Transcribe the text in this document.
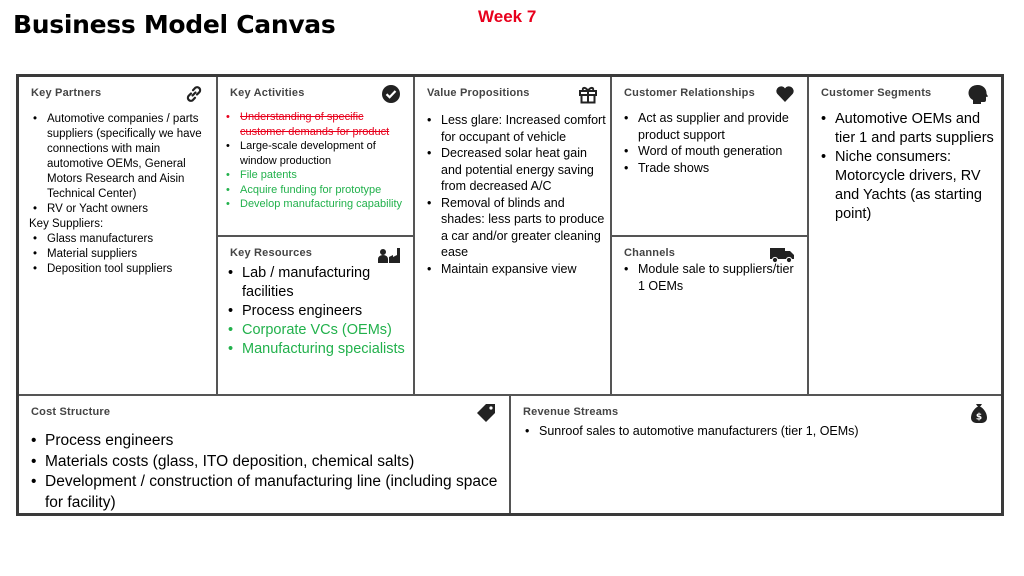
Business Model Canvas	Week 7
Key Partners
• Automotive companies / parts suppliers (specifically we have connections with main automotive OEMs, General Motors Research and Aisin Technical Center)
• RV or Yacht owners
Key Suppliers:
• Glass manufacturers
• Material suppliers
• Deposition tool suppliers
Key Activities
• Understanding of specific customer demands for product
• Large-scale development of window production
• File patents
• Acquire funding for prototype
• Develop manufacturing capability
Key Resources
• Lab / manufacturing facilities
• Process engineers
• Corporate VCs (OEMs)
• Manufacturing specialists
Value Propositions
• Less glare: Increased comfort for occupant of vehicle
• Decreased solar heat gain and potential energy saving from decreased A/C
• Removal of blinds and shades: less parts to produce a car and/or greater cleaning ease
• Maintain expansive view
Customer Relationships
• Act as supplier and provide product support
• Word of mouth generation
• Trade shows
Channels
• Module sale to suppliers/tier 1 OEMs
Customer Segments
• Automotive OEMs and tier 1 and parts suppliers
• Niche consumers: Motorcycle drivers, RV and Yachts (as starting point)
Cost Structure
• Process engineers
• Materials costs (glass, ITO deposition, chemical salts)
• Development / construction of manufacturing line (including space for facility)
Revenue Streams	$
• Sunroof sales to automotive manufacturers (tier 1, OEMs)
